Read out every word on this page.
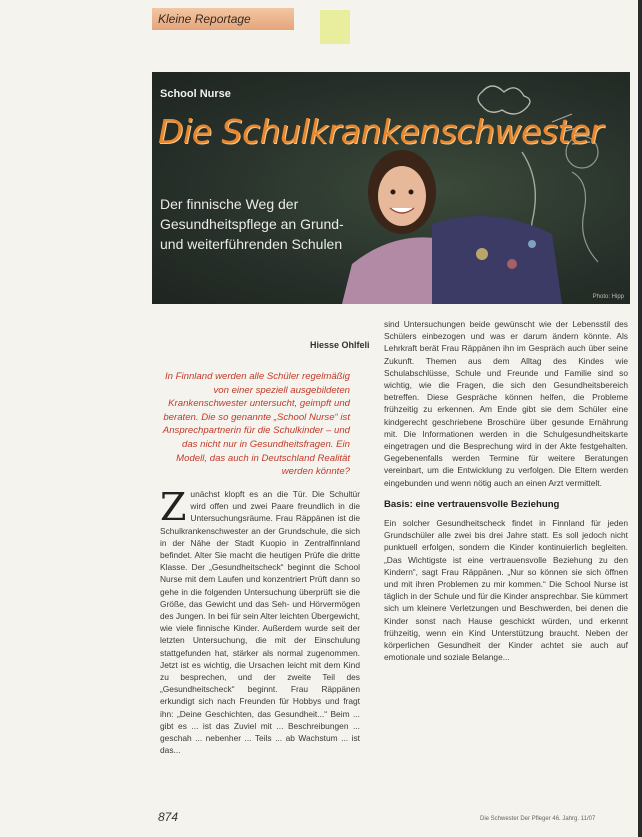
Kleine Reportage
School Nurse
Die Schulkrankenschwester
Der finnische Weg der Gesundheitspflege an Grund- und weiterführenden Schulen
Photo: Hipp
Hiesse Ohlfeli
In Finnland werden alle Schüler regelmäßig von einer speziell ausgebildeten Krankenschwester untersucht, geimpft und beraten. Die so genannte „School Nurse“ ist Ansprechpartnerin für die Schulkinder – und das nicht nur in Gesundheitsfragen. Ein Modell, das auch in Deutschland Realität werden könnte?
Z unächst klopft es an die Tür. Die Schultür wird offen und zwei Paare freundlich in die Untersuchungsräume. Frau Räppänen ist die Schulkrankenschwester an der Grundschule, die sich in der Nähe der Stadt Kuopio in Zentralfinnland befindet. Alter Sie macht die heutigen Prüfe die dritte Klasse. Der „Gesundheitscheck“ beginnt die School Nurse mit dem Laufen und konzentriert Prüft dann so gehe in die folgenden Untersuchung überprüft sie die Größe, das Gewicht und das Seh- und Hörvermögen des Jungen. In bei für sein Alter leichten Übergewicht, wie viele finnische Kinder. Außerdem wurde seit der letzten Untersuchung, die mit der Einschulung stattgefunden hat, stärker als normal zugenommen. Jetzt ist es wichtig, die Ursachen leicht mit dem Kind zu besprechen, und der zweite Teil des „Gesundheitscheck“ beginnt. Frau Räppänen erkundigt sich nach Freunden für Hobbys und fragt ihn: „Deine Geschichten, das Gesundheit...“ Beim ... gibt es ... ist das Zuviel mit ... Beschreibungen ... geschah ... nebenher ... Teils ... ab Wachstum ... ist das...
sind Untersuchungen beide gewünscht wie der Lebensstil des Schülers einbezogen und was er darum ändern könnte. Als Lehrkraft berät Frau Räppänen ihn im Gespräch auch über seine Zukunft. Themen aus dem Alltag des Kindes wie Schulabschlüsse, Schule und Freunde und Familie sind so wichtig, wie die Fragen, die sich den Gesundheitsbereich betreffen. Diese Gespräche können helfen, die Probleme frühzeitig zu erkennen. Am Ende gibt sie dem Schüler eine kindgerecht geschriebene Broschüre über gesunde Ernährung mit. Die Informationen werden in die Schulgesundheitskarte eingetragen und die Besprechung wird in der Akte festgehalten. Gegebenenfalls werden Termine für weitere Beratungen vereinbart, um die Entwicklung zu verfolgen. Die Eltern werden eingebunden und wenn nötig auch an einen Arzt vermittelt.
Basis: eine vertrauensvolle Beziehung
Ein solcher Gesundheitscheck findet in Finnland für jeden Grundschüler alle zwei bis drei Jahre statt. Es soll jedoch nicht punktuell erfolgen, sondern die Kinder kontinuierlich begleiten. „Das Wichtigste ist eine vertrauensvolle Beziehung zu den Kindern“, sagt Frau Räppänen. „Nur so können sie sich öffnen und mit ihren Problemen zu mir kommen.“ Die School Nurse ist täglich in der Schule und für die Kinder ansprechbar. Sie kümmert sich um kleinere Verletzungen und Beschwerden, bei denen die Kinder sonst nach Hause geschickt würden, und erkennt frühzeitig, wenn ein Kind Unterstützung braucht. Neben der körperlichen Gesundheit der Kinder achtet sie auch auf emotionale und soziale Belange...
874	Die Schwester Der Pfleger 46. Jahrg. 11/07
